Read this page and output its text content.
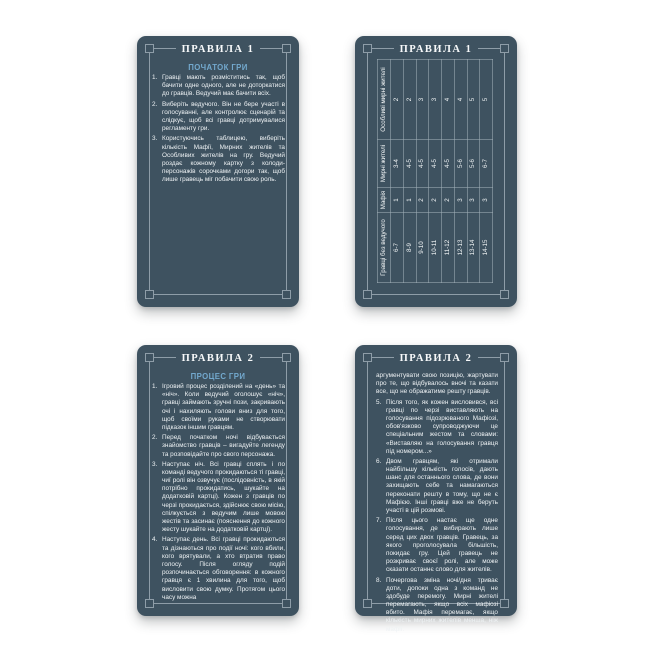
ПРАВИЛА 1
ПОЧАТОК ГРИ
1. Гравці мають розміститись так, щоб бачити одне одного, але не доторкатися до гравців. Ведучий має бачити всіх.
2. Виберіть ведучого. Він не бере участі в голосуванні, але контролює сценарій та слідкує, щоб всі гравці дотримувалися регламенту гри.
3. Користуючись таблицею, виберіть кількість Мафії, Мирних жителів та Особливих жителів на гру. Ведучий роздає кожному картку з колоди-персонажів сорочками догори так, щоб лише гравець міг побачити свою роль.
ПРАВИЛА 1
Гравці без ведучого	Мафія	Мирні жителі	Особливі мирні жителі
6-7	1	3-4	2
8-9	1	4-5	2
9-10	2	4-5	3
10-11	2	4-5	3
11-12	2	4-5	4
12-13	3	5-6	4
13-14	3	5-6	5
14-15	3	6-7	5
ПРАВИЛА 2
ПРОЦЕС ГРИ
1. Ігровий процес розділений на «день» та «ніч». Коли ведучий оголошує «ніч», гравці займають зручні пози, закривають очі і нахиляють голови вниз для того, щоб своїми руками не створювати підказок іншим гравцям.
2. Перед початком ночі відбувається знайомство гравців – вигадуйте легенду та розповідайте про свого персонажа.
3. Наступає ніч. Всі гравці сплять і по команді ведучого прокидаються ті гравці, чиї ролі він озвучує (послідовність, в якій потрібно прокидатись, шукайте на додатковій картці). Кожен з гравців по черзі прокидається, здійснює свою місію, спілкується з ведучим лише мовою жестів та засинає (пояснення до кожного жесту шукайте на додатковій картці).
4. Наступає день. Всі гравці прокидаються та дізнаються про події ночі: кого вбили, кого врятували, а хто втратив право голосу. Після огляду подій розпочинається обговорення: в кожного гравця є 1 хвилина для того, щоб висловити свою думку. Протягом цього часу можна
ПРАВИЛА 2
аргументувати свою позицію, жартувати про те, що відбувалось вночі та казати все, що не ображатиме решту гравців.
5. Після того, як кожен висловився, всі гравці по черзі виставляють на голосування підозрюваного Мафіозі, обов'язково супроводжуючи це спеціальним жестом та словами: «Виставляю на голосування гравця під номером...»
6. Двом гравцям, які отримали найбільшу кількість голосів, дають шанс для останнього слова, де вони захищають себе та намагаються переконати решту в тому, що не є Мафією. Інші гравці вже не беруть участі в цій розмові.
7. Після цього настає ще одне голосування, де вибирають лише серед цих двох гравців. Гравець, за якого проголосувала більшість, покидає гру. Цей гравець не розкриває своєї ролі, але може сказати останнє слово для жителів.
8. Почергова зміна ночі/дня триває доти, допоки одна з команд не здобуде перемогу. Мирні жителі перемагають, якщо всіх мафіозі вбито. Мафія перемагає, якщо кількість мирних жителів менша, ніж мафії.
